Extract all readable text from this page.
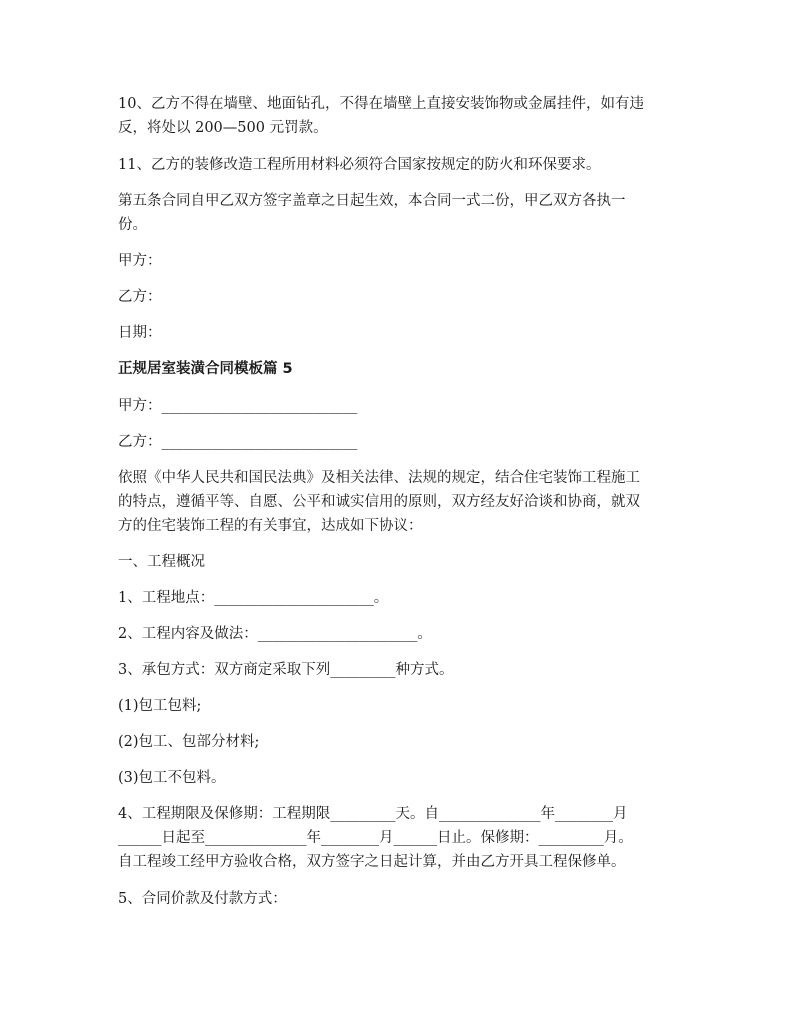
10、乙方不得在墙壁、地面钻孔，不得在墙壁上直接安装饰物或金属挂件，如有违
反，将处以 200—500 元罚款。
11、乙方的装修改造工程所用材料必须符合国家按规定的防火和环保要求。
第五条合同自甲乙双方签字盖章之日起生效，本合同一式二份，甲乙双方各执一
份。
甲方：
乙方：
日期：
正规居室装潢合同模板篇 5
甲方：___________________________
乙方：___________________________
依照《中华人民共和国民法典》及相关法律、法规的规定，结合住宅装饰工程施工
的特点，遵循平等、自愿、公平和诚实信用的原则，双方经友好洽谈和协商，就双
方的住宅装饰工程的有关事宜，达成如下协议：
一、工程概况
1、工程地点：______________________。
2、工程内容及做法：______________________。
3、承包方式：双方商定采取下列_________种方式。
(1)包工包料;
(2)包工、包部分材料;
(3)包工不包料。
4、工程期限及保修期：工程期限_________天。自______________年________月
______日起至______________年________月______日止。保修期：_________月。
自工程竣工经甲方验收合格，双方签字之日起计算，并由乙方开具工程保修单。
5、合同价款及付款方式：
